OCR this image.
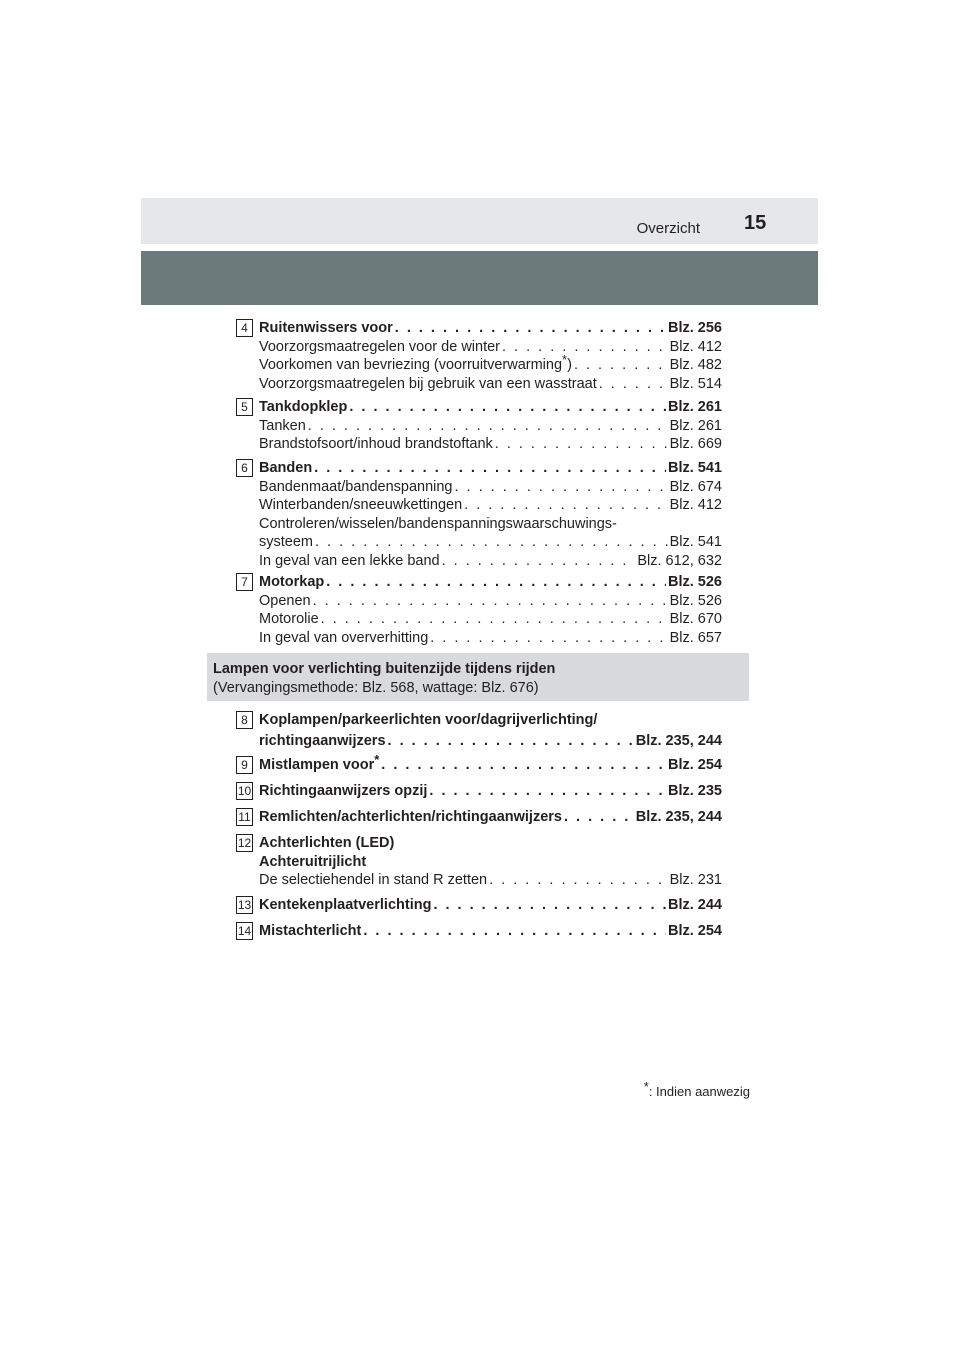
Overzicht 15
4 Ruitenwissers voor . . .	Blz. 256
Voorzorgsmaatregelen voor de winter . . .	Blz. 412
Voorkomen van bevriezing (voorruitverwarming*) . . .	Blz. 482
Voorzorgsmaatregelen bij gebruik van een wasstraat . . .	Blz. 514
5 Tankdopklep . . .	Blz. 261
Tanken . . .	Blz. 261
Brandstofsoort/inhoud brandstoftank . . .	Blz. 669
6 Banden . . .	Blz. 541
Bandenmaat/bandenspanning . . .	Blz. 674
Winterbanden/sneeuwkettingen . . .	Blz. 412
Controleren/wisselen/bandenspanningswaarschuwings-
systeem . . .	Blz. 541
In geval van een lekke band . . .	Blz. 612, 632
7 Motorkap . . .	Blz. 526
Openen . . .	Blz. 526
Motorolie . . .	Blz. 670
In geval van oververhitting . . .	Blz. 657
Lampen voor verlichting buitenzijde tijdens rijden
(Vervangingsmethode: Blz. 568, wattage: Blz. 676)
8 Koplampen/parkeerlichten voor/dagrijverlichting/
richtingaanwijzers . . .	Blz. 235, 244
9 Mistlampen voor* . . .	Blz. 254
10 Richtingaanwijzers opzij . . .	Blz. 235
11 Remlichten/achterlichten/richtingaanwijzers . . .	Blz. 235, 244
12 Achterlichten (LED)
Achteruitrijlicht
De selectiehendel in stand R zetten . . .	Blz. 231
13 Kentekenplaatverlichting . . .	Blz. 244
14 Mistachterlicht . . .	Blz. 254
*: Indien aanwezig
